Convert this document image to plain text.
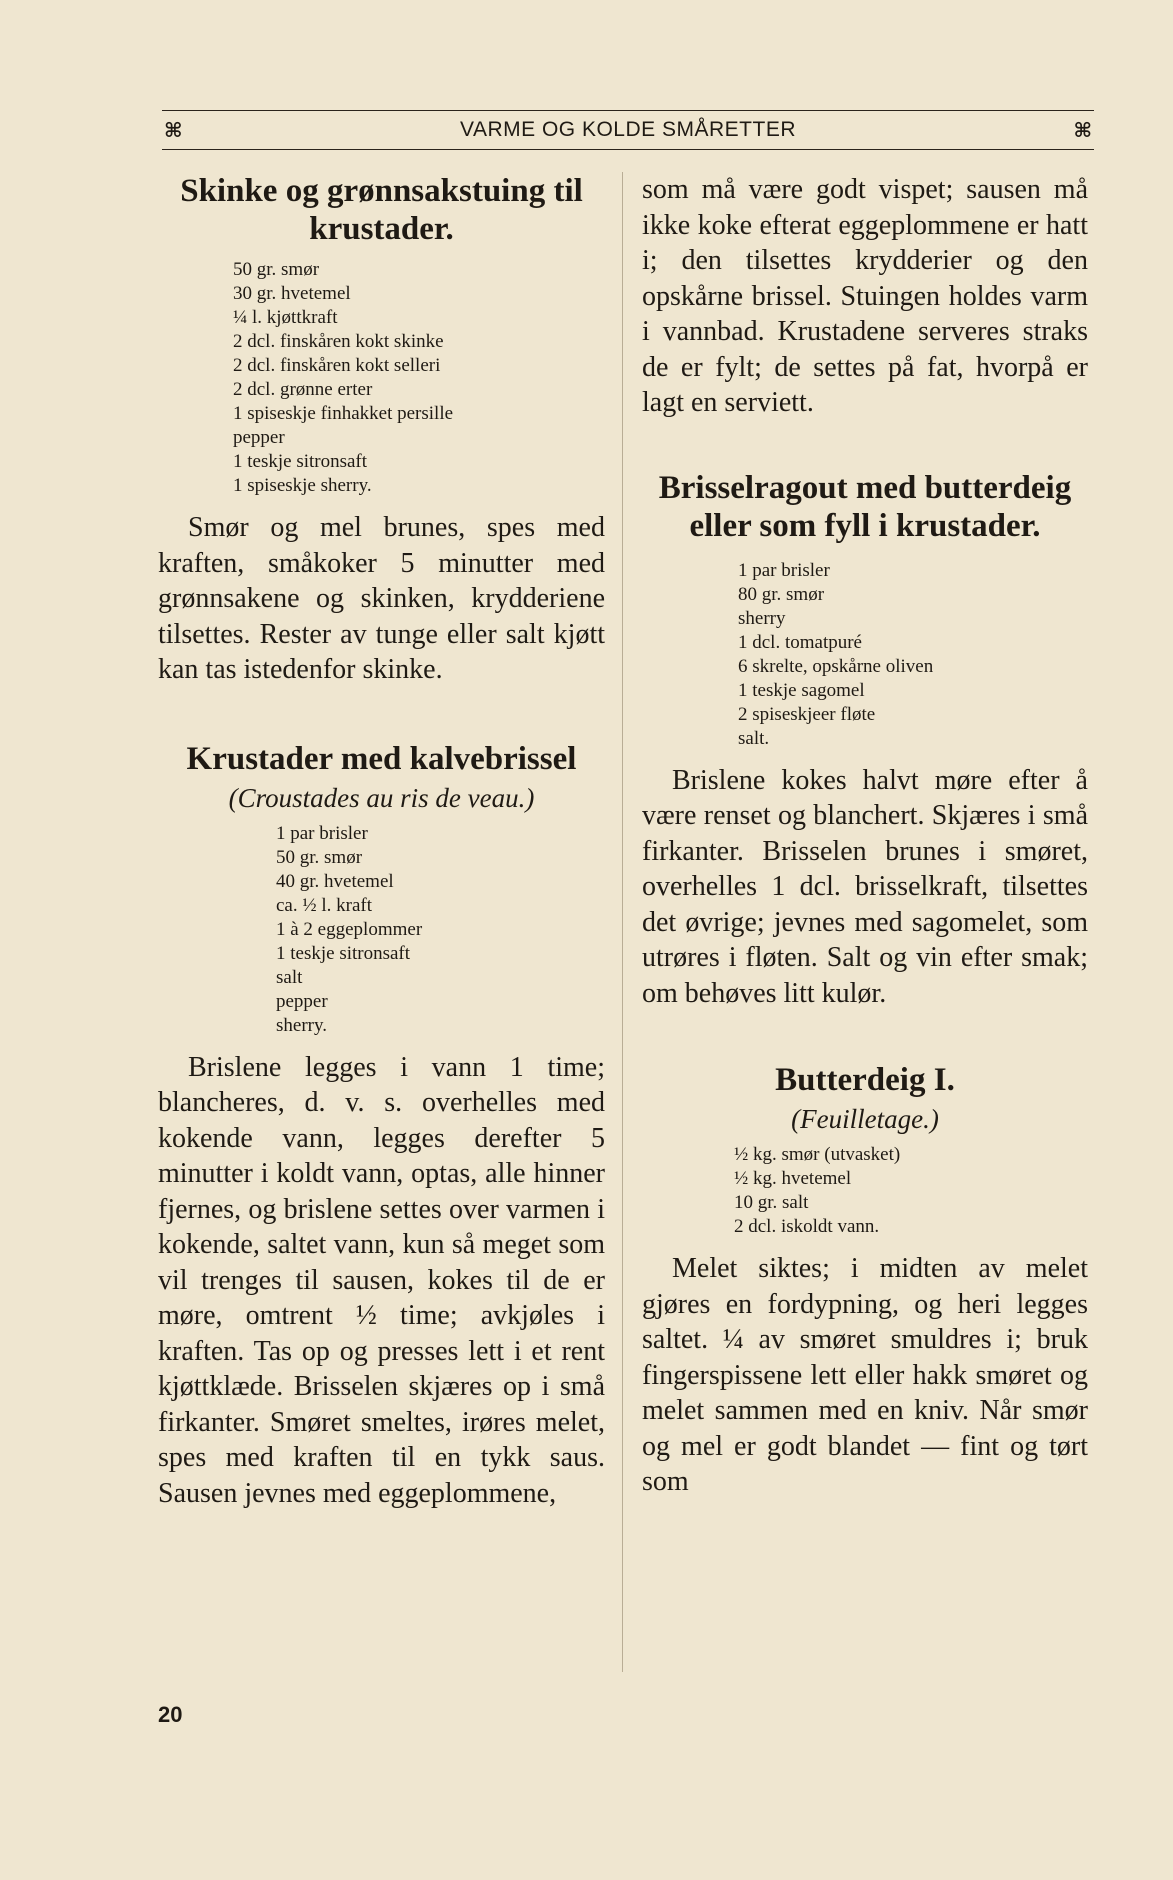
⌘	VARME OG KOLDE SMÅRETTER	⌘
Skinke og grønnsakstuing til krustader.
50 gr. smør
30 gr. hvetemel
¼ l. kjøttkraft
2 dcl. finskåren kokt skinke
2 dcl. finskåren kokt selleri
2 dcl. grønne erter
1 spiseskje finhakket persille
pepper
1 teskje sitronsaft
1 spiseskje sherry.

Smør og mel brunes, spes med kraften, småkoker 5 minutter med grønnsakene og skinken, krydderiene tilsettes. Rester av tunge eller salt kjøtt kan tas istedenfor skinke.

Krustader med kalvebrissel
(Croustades au ris de veau.)
1 par brisler
50 gr. smør
40 gr. hvetemel
ca. ½ l. kraft
1 à 2 eggeplommer
1 teskje sitronsaft
salt
pepper
sherry.

Brislene legges i vann 1 time; blancheres, d. v. s. overhelles med kokende vann, legges derefter 5 minutter i koldt vann, optas, alle hinner fjernes, og brislene settes over varmen i kokende, saltet vann, kun så meget som vil trenges til sausen, kokes til de er møre, omtrent ½ time; avkjøles i kraften. Tas op og presses lett i et rent kjøttklæde. Brisselen skjæres op i små firkanter. Smøret smeltes, irøres melet, spes med kraften til en tykk saus. Sausen jevnes med eggeplommene,

som må være godt vispet; sausen må ikke koke efterat eggeplommene er hatt i; den tilsettes krydderier og den opskårne brissel. Stuingen holdes varm i vannbad. Krustadene serveres straks de er fylt; de settes på fat, hvorpå er lagt en serviett.

Brisselragout med butterdeig eller som fyll i krustader.
1 par brisler
80 gr. smør
sherry
1 dcl. tomatpuré
6 skrelte, opskårne oliven
1 teskje sagomel
2 spiseskjeer fløte
salt.

Brislene kokes halvt møre efter å være renset og blanchert. Skjæres i små firkanter. Brisselen brunes i smøret, overhelles 1 dcl. brisselkraft, tilsettes det øvrige; jevnes med sagomelet, som utrøres i fløten. Salt og vin efter smak; om behøves litt kulør.

Butterdeig I.
(Feuilletage.)
½ kg. smør (utvasket)
½ kg. hvetemel
10 gr. salt
2 dcl. iskoldt vann.

Melet siktes; i midten av melet gjøres en fordypning, og heri legges saltet. ¼ av smøret smuldres i; bruk fingerspissene lett eller hakk smøret og melet sammen med en kniv. Når smør og mel er godt blandet — fint og tørt som

20
